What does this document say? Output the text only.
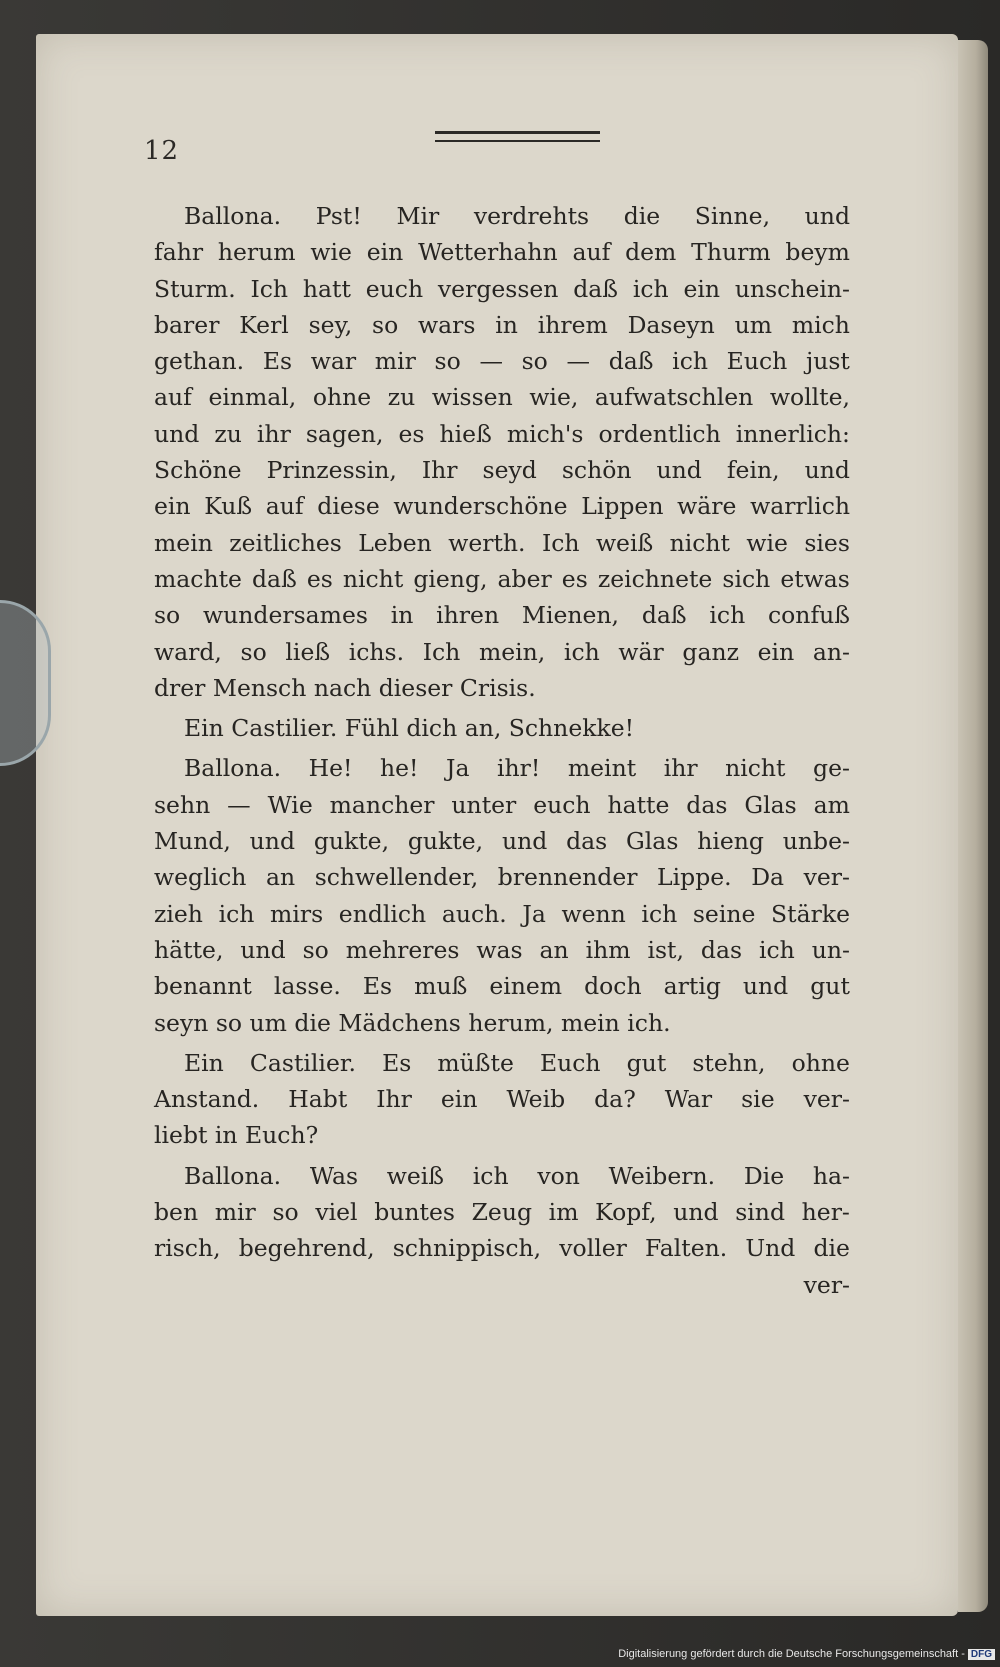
12
Ballona. Pst! Mir verdrehts die Sinne, und
fahr herum wie ein Wetterhahn auf dem Thurm beym
Sturm. Ich hatt euch vergessen daß ich ein unschein-
barer Kerl sey, so wars in ihrem Daseyn um mich
gethan. Es war mir so — so — daß ich Euch just
auf einmal, ohne zu wissen wie, aufwatschlen wollte,
und zu ihr sagen, es hieß mich's ordentlich innerlich:
Schöne Prinzessin, Ihr seyd schön und fein, und
ein Kuß auf diese wunderschöne Lippen wäre warrlich
mein zeitliches Leben werth. Ich weiß nicht wie sies
machte daß es nicht gieng, aber es zeichnete sich etwas
so wundersames in ihren Mienen, daß ich confuß
ward, so ließ ichs. Ich mein, ich wär ganz ein an-
drer Mensch nach dieser Crisis.
Ein Castilier. Fühl dich an, Schnekke!
Ballona. He! he! Ja ihr! meint ihr nicht ge-
sehn — Wie mancher unter euch hatte das Glas am
Mund, und gukte, gukte, und das Glas hieng unbe-
weglich an schwellender, brennender Lippe. Da ver-
zieh ich mirs endlich auch. Ja wenn ich seine Stärke
hätte, und so mehreres was an ihm ist, das ich un-
benannt lasse. Es muß einem doch artig und gut
seyn so um die Mädchens herum, mein ich.
Ein Castilier. Es müßte Euch gut stehn, ohne
Anstand. Habt Ihr ein Weib da? War sie ver-
liebt in Euch?
Ballona. Was weiß ich von Weibern. Die ha-
ben mir so viel buntes Zeug im Kopf, und sind her-
risch, begehrend, schnippisch, voller Falten. Und die
ver-
Digitalisierung gefördert durch die Deutsche Forschungsgemeinschaft - DFG
